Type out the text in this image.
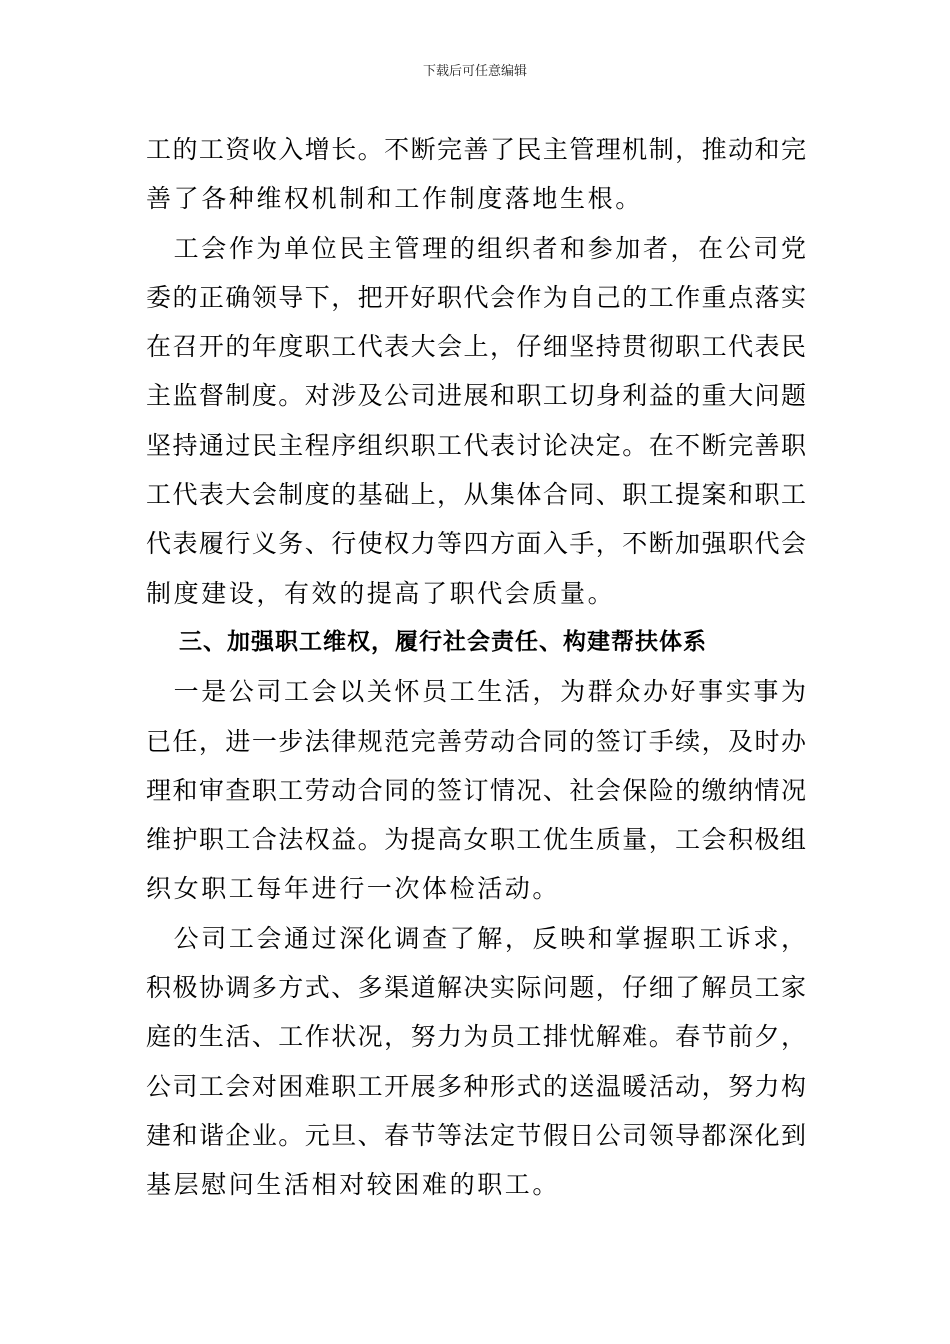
下载后可任意编辑
工的工资收入增长。不断完善了民主管理机制，推动和完
善了各种维权机制和工作制度落地生根。
　工会作为单位民主管理的组织者和参加者，在公司党
委的正确领导下，把开好职代会作为自己的工作重点落实
在召开的年度职工代表大会上，仔细坚持贯彻职工代表民
主监督制度。对涉及公司进展和职工切身利益的重大问题
坚持通过民主程序组织职工代表讨论决定。在不断完善职
工代表大会制度的基础上，从集体合同、职工提案和职工
代表履行义务、行使权力等四方面入手，不断加强职代会
制度建设，有效的提高了职代会质量。
三、加强职工维权，履行社会责任、构建帮扶体系
　一是公司工会以关怀员工生活，为群众办好事实事为
已任，进一步法律规范完善劳动合同的签订手续，及时办
理和审查职工劳动合同的签订情况、社会保险的缴纳情况
维护职工合法权益。为提高女职工优生质量，工会积极组
织女职工每年进行一次体检活动。
　公司工会通过深化调查了解，反映和掌握职工诉求，
积极协调多方式、多渠道解决实际问题，仔细了解员工家
庭的生活、工作状况，努力为员工排忧解难。春节前夕，
公司工会对困难职工开展多种形式的送温暖活动，努力构
建和谐企业。元旦、春节等法定节假日公司领导都深化到
基层慰问生活相对较困难的职工。
